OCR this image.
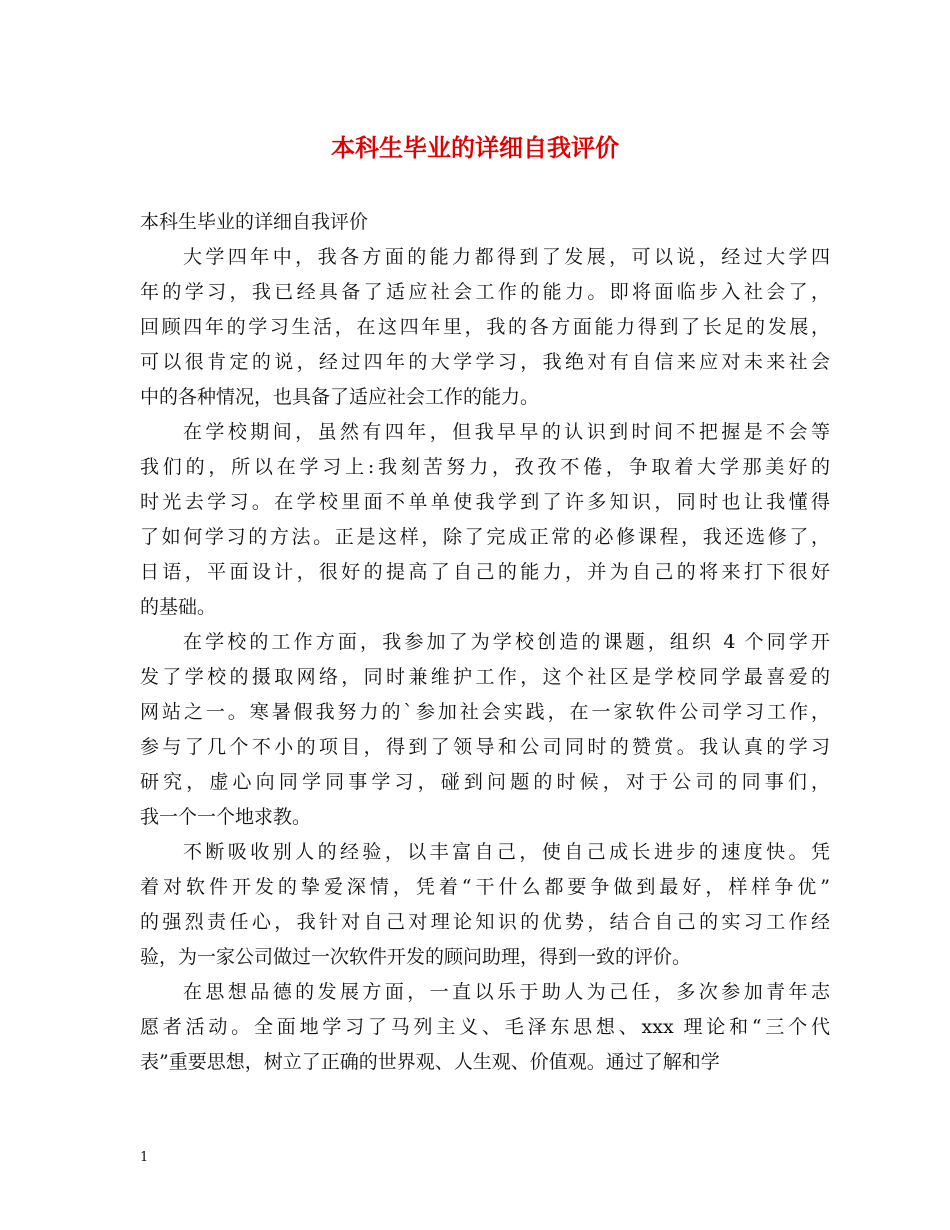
本科生毕业的详细自我评价

本科生毕业的详细自我评价

大学四年中，我各方面的能力都得到了发展，可以说，经过大学四
年的学习，我已经具备了适应社会工作的能力。即将面临步入社会了，
回顾四年的学习生活，在这四年里，我的各方面能力得到了长足的发展，
可以很肯定的说，经过四年的大学学习，我绝对有自信来应对未来社会
中的各种情况，也具备了适应社会工作的能力。

在学校期间，虽然有四年，但我早早的认识到时间不把握是不会等
我们的，所以在学习上:我刻苦努力，孜孜不倦，争取着大学那美好的
时光去学习。在学校里面不单单使我学到了许多知识，同时也让我懂得
了如何学习的方法。正是这样，除了完成正常的必修课程，我还选修了，
日语，平面设计，很好的提高了自己的能力，并为自己的将来打下很好
的基础。

在学校的工作方面，我参加了为学校创造的课题，组织 4 个同学开
发了学校的摄取网络，同时兼维护工作，这个社区是学校同学最喜爱的
网站之一。寒暑假我努力的`参加社会实践，在一家软件公司学习工作，
参与了几个不小的项目，得到了领导和公司同时的赞赏。我认真的学习
研究，虚心向同学同事学习，碰到问题的时候，对于公司的同事们，
我一个一个地求教。

不断吸收别人的经验，以丰富自己，使自己成长进步的速度快。凭
着对软件开发的挚爱深情，凭着“干什么都要争做到最好，样样争优”
的强烈责任心，我针对自己对理论知识的优势，结合自己的实习工作经
验，为一家公司做过一次软件开发的顾问助理，得到一致的评价。

在思想品德的发展方面，一直以乐于助人为己任，多次参加青年志
愿者活动。全面地学习了马列主义、毛泽东思想、xxx 理论和“三个代
表”重要思想，树立了正确的世界观、人生观、价值观。通过了解和学

1
